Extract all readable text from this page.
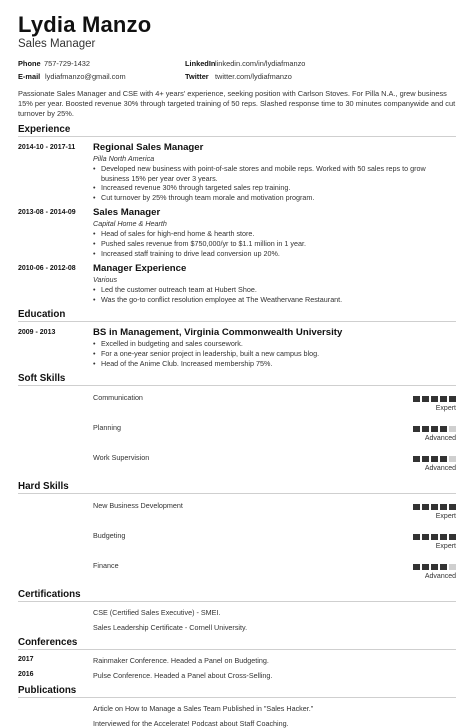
Lydia Manzo
Sales Manager
Phone 757-729-1432	LinkedIn linkedin.com/in/lydiafmanzo
E-mail lydiafmanzo@gmail.com	Twitter twitter.com/lydiafmanzo
Passionate Sales Manager and CSE with 4+ years' experience, seeking position with Carlson Stoves. For Pilla N.A., grew business 15% per year. Boosted revenue 30% through targeted training of 50 reps. Slashed response time to 30 minutes companywide and cut turnover by 25%.
Experience
2014-10 - 2017-11	Regional Sales Manager
Pilla North America
• Developed new business with point-of-sale stores and mobile reps. Worked with 50 sales reps to grow business 15% per year over 3 years.
• Increased revenue 30% through targeted sales rep training.
• Cut turnover by 25% through team morale and motivation program.
2013-08 - 2014-09	Sales Manager
Capital Home & Hearth
• Head of sales for high-end home & hearth store.
• Pushed sales revenue from $750,000/yr to $1.1 million in 1 year.
• Increased staff training to drive lead conversion up 20%.
2010-06 - 2012-08	Manager Experience
Various
• Led the customer outreach team at Hubert Shoe.
• Was the go-to conflict resolution employee at The Weathervane Restaurant.
Education
2009 - 2013	BS in Management, Virginia Commonwealth University
• Excelled in budgeting and sales coursework.
• For a one-year senior project in leadership, built a new campus blog.
• Head of the Anime Club. Increased membership 75%.
Soft Skills
Communication
Expert
Planning
Advanced
Work Supervision
Advanced
Hard Skills
New Business Development
Expert
Budgeting
Expert
Finance
Advanced
Certifications
CSE (Certified Sales Executive) - SMEI.
Sales Leadership Certificate - Cornell University.
Conferences
2017	Rainmaker Conference. Headed a Panel on Budgeting.
2016	Pulse Conference. Headed a Panel about Cross-Selling.
Publications
Article on How to Manage a Sales Team Published in "Sales Hacker."
Interviewed for the Accelerate! Podcast about Staff Coaching.
